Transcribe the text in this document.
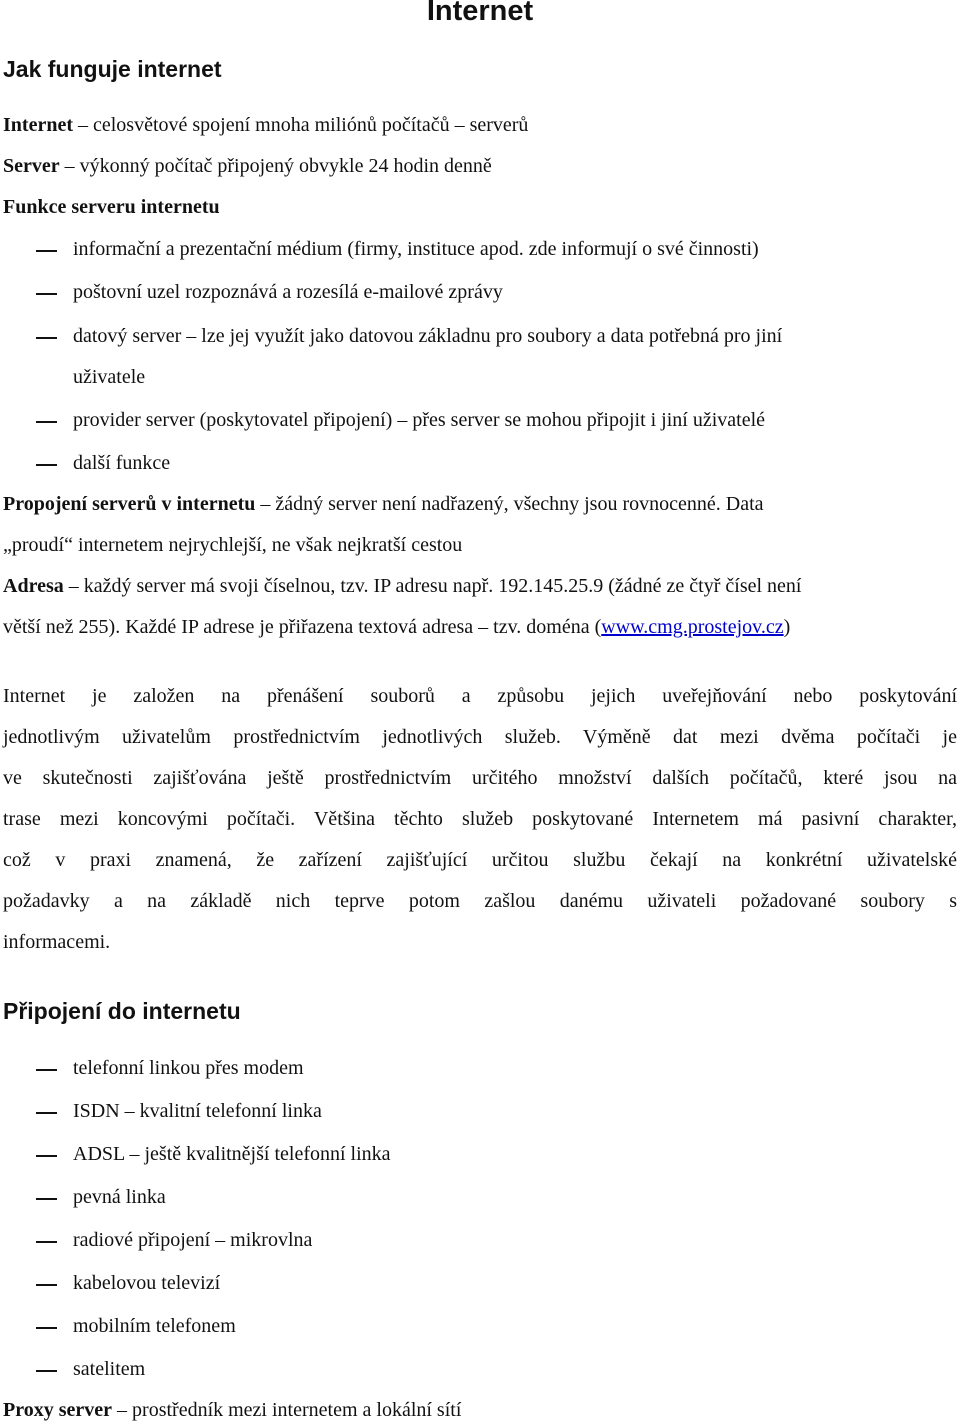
Internet
Jak funguje internet
Internet – celosvětové spojení mnoha miliónů počítačů – serverů
Server – výkonný počítač připojený obvykle 24 hodin denně
Funkce serveru internetu
informační a prezentační médium (firmy, instituce apod. zde informují o své činnosti)
poštovní uzel rozpoznává a rozesílá e-mailové zprávy
datový server – lze jej využít jako datovou základnu pro soubory a data potřebná pro jiní
uživatele
provider server (poskytovatel připojení) – přes server se mohou připojit i jiní uživatelé
další funkce
Propojení serverů v internetu – žádný server není nadřazený, všechny jsou rovnocenné. Data
„proudí“ internetem nejrychlejší, ne však nejkratší cestou
Adresa – každý server má svoji číselnou, tzv. IP adresu např. 192.145.25.9 (žádné ze čtyř čísel není
větší než 255). Každé IP adrese je přiřazena textová adresa – tzv. doména (www.cmg.prostejov.cz)
Internet je založen na přenášení souborů a způsobu jejich uveřejňování nebo poskytování
jednotlivým uživatelům prostřednictvím jednotlivých služeb. Výměně dat mezi dvěma počítači je
ve skutečnosti zajišťována ještě prostřednictvím určitého množství dalších počítačů, které jsou na
trase mezi koncovými počítači. Většina těchto služeb poskytované Internetem má pasivní charakter,
což v praxi znamená, že zařízení zajišťující určitou službu čekají na konkrétní uživatelské
požadavky a na základě nich teprve potom zašlou danému uživateli požadované soubory s
informacemi.
Připojení do internetu
telefonní linkou přes modem
ISDN – kvalitní telefonní linka
ADSL – ještě kvalitnější telefonní linka
pevná linka
radiové připojení – mikrovlna
kabelovou televizí
mobilním telefonem
satelitem
Proxy server – prostředník mezi internetem a lokální sítí
